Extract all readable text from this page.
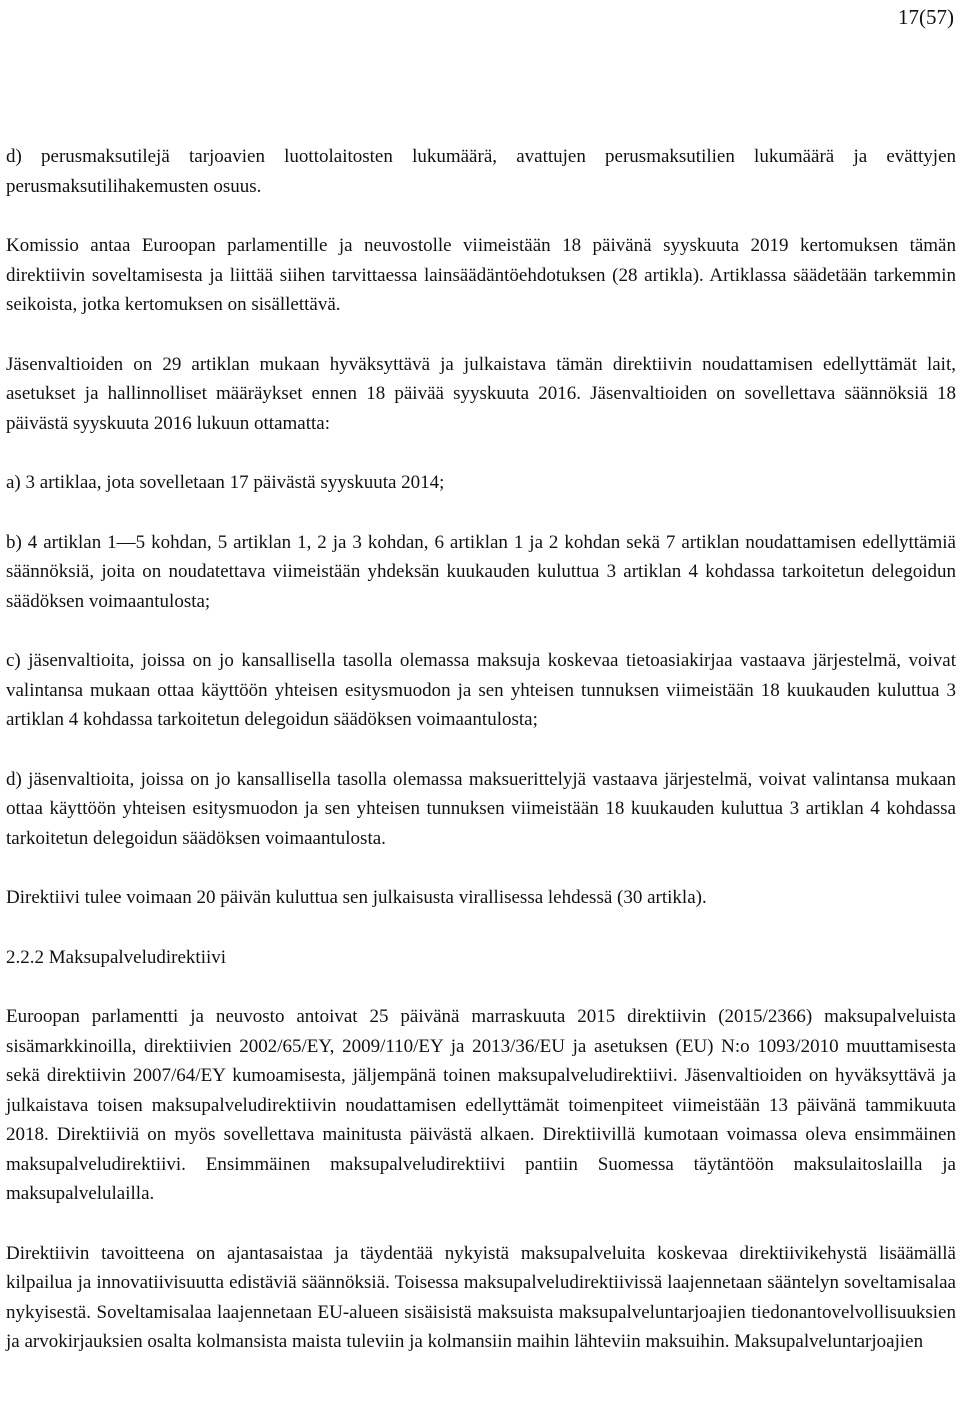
17(57)

d) perusmaksutilejä tarjoavien luottolaitosten lukumäärä, avattujen perusmaksutilien lukumäärä ja evättyjen perusmaksutilihakemusten osuus.

Komissio antaa Euroopan parlamentille ja neuvostolle viimeistään 18 päivänä syyskuuta 2019 kertomuksen tämän direktiivin soveltamisesta ja liittää siihen tarvittaessa lainsäädäntöehdotuksen (28 artikla). Artiklassa säädetään tarkemmin seikoista, jotka kertomuksen on sisällettävä.

Jäsenvaltioiden on 29 artiklan mukaan hyväksyttävä ja julkaistava tämän direktiivin noudattamisen edellyttämät lait, asetukset ja hallinnolliset määräykset ennen 18 päivää syyskuuta 2016. Jäsenvaltioiden on sovellettava säännöksiä 18 päivästä syyskuuta 2016 lukuun ottamatta:

a) 3 artiklaa, jota sovelletaan 17 päivästä syyskuuta 2014;

b) 4 artiklan 1—5 kohdan, 5 artiklan 1, 2 ja 3 kohdan, 6 artiklan 1 ja 2 kohdan sekä 7 artiklan noudattamisen edellyttämiä säännöksiä, joita on noudatettava viimeistään yhdeksän kuukauden kuluttua 3 artiklan 4 kohdassa tarkoitetun delegoidun säädöksen voimaantulosta;

c) jäsenvaltioita, joissa on jo kansallisella tasolla olemassa maksuja koskevaa tietoasiakirjaa vastaava järjestelmä, voivat valintansa mukaan ottaa käyttöön yhteisen esitysmuodon ja sen yhteisen tunnuksen viimeistään 18 kuukauden kuluttua 3 artiklan 4 kohdassa tarkoitetun delegoidun säädöksen voimaantulosta;

d) jäsenvaltioita, joissa on jo kansallisella tasolla olemassa maksuerittelyjä vastaava järjestelmä, voivat valintansa mukaan ottaa käyttöön yhteisen esitysmuodon ja sen yhteisen tunnuksen viimeistään 18 kuukauden kuluttua 3 artiklan 4 kohdassa tarkoitetun delegoidun säädöksen voimaantulosta.

Direktiivi tulee voimaan 20 päivän kuluttua sen julkaisusta virallisessa lehdessä (30 artikla).

2.2.2 Maksupalveludirektiivi

Euroopan parlamentti ja neuvosto antoivat 25 päivänä marraskuuta 2015 direktiivin (2015/2366) maksupalveluista sisämarkkinoilla, direktiivien 2002/65/EY, 2009/110/EY ja 2013/36/EU ja asetuksen (EU) N:o 1093/2010 muuttamisesta sekä direktiivin 2007/64/EY kumoamisesta, jäljempänä toinen maksupalveludirektiivi. Jäsenvaltioiden on hyväksyttävä ja julkaistava toisen maksupalveludirektiivin noudattamisen edellyttämät toimenpiteet viimeistään 13 päivänä tammikuuta 2018. Direktiiviä on myös sovellettava mainitusta päivästä alkaen. Direktiivillä kumotaan voimassa oleva ensimmäinen maksupalveludirektiivi. Ensimmäinen maksupalveludirektiivi pantiin Suomessa täytäntöön maksulaitoslailla ja maksupalvelulailla.

Direktiivin tavoitteena on ajantasaistaa ja täydentää nykyistä maksupalveluita koskevaa direktiivikehystä lisäämällä kilpailua ja innovatiivisuutta edistäviä säännöksiä. Toisessa maksupalveludirektiivissä laajennetaan sääntelyn soveltamisalaa nykyisestä. Soveltamisalaa laajennetaan EU-alueen sisäisistä maksuista maksupalveluntarjoajien tiedonantovelvollisuuksien ja arvokirjauksien osalta kolmansista maista tuleviin ja kolmansiin maihin lähteviin maksuihin. Maksupalveluntarjoajien
